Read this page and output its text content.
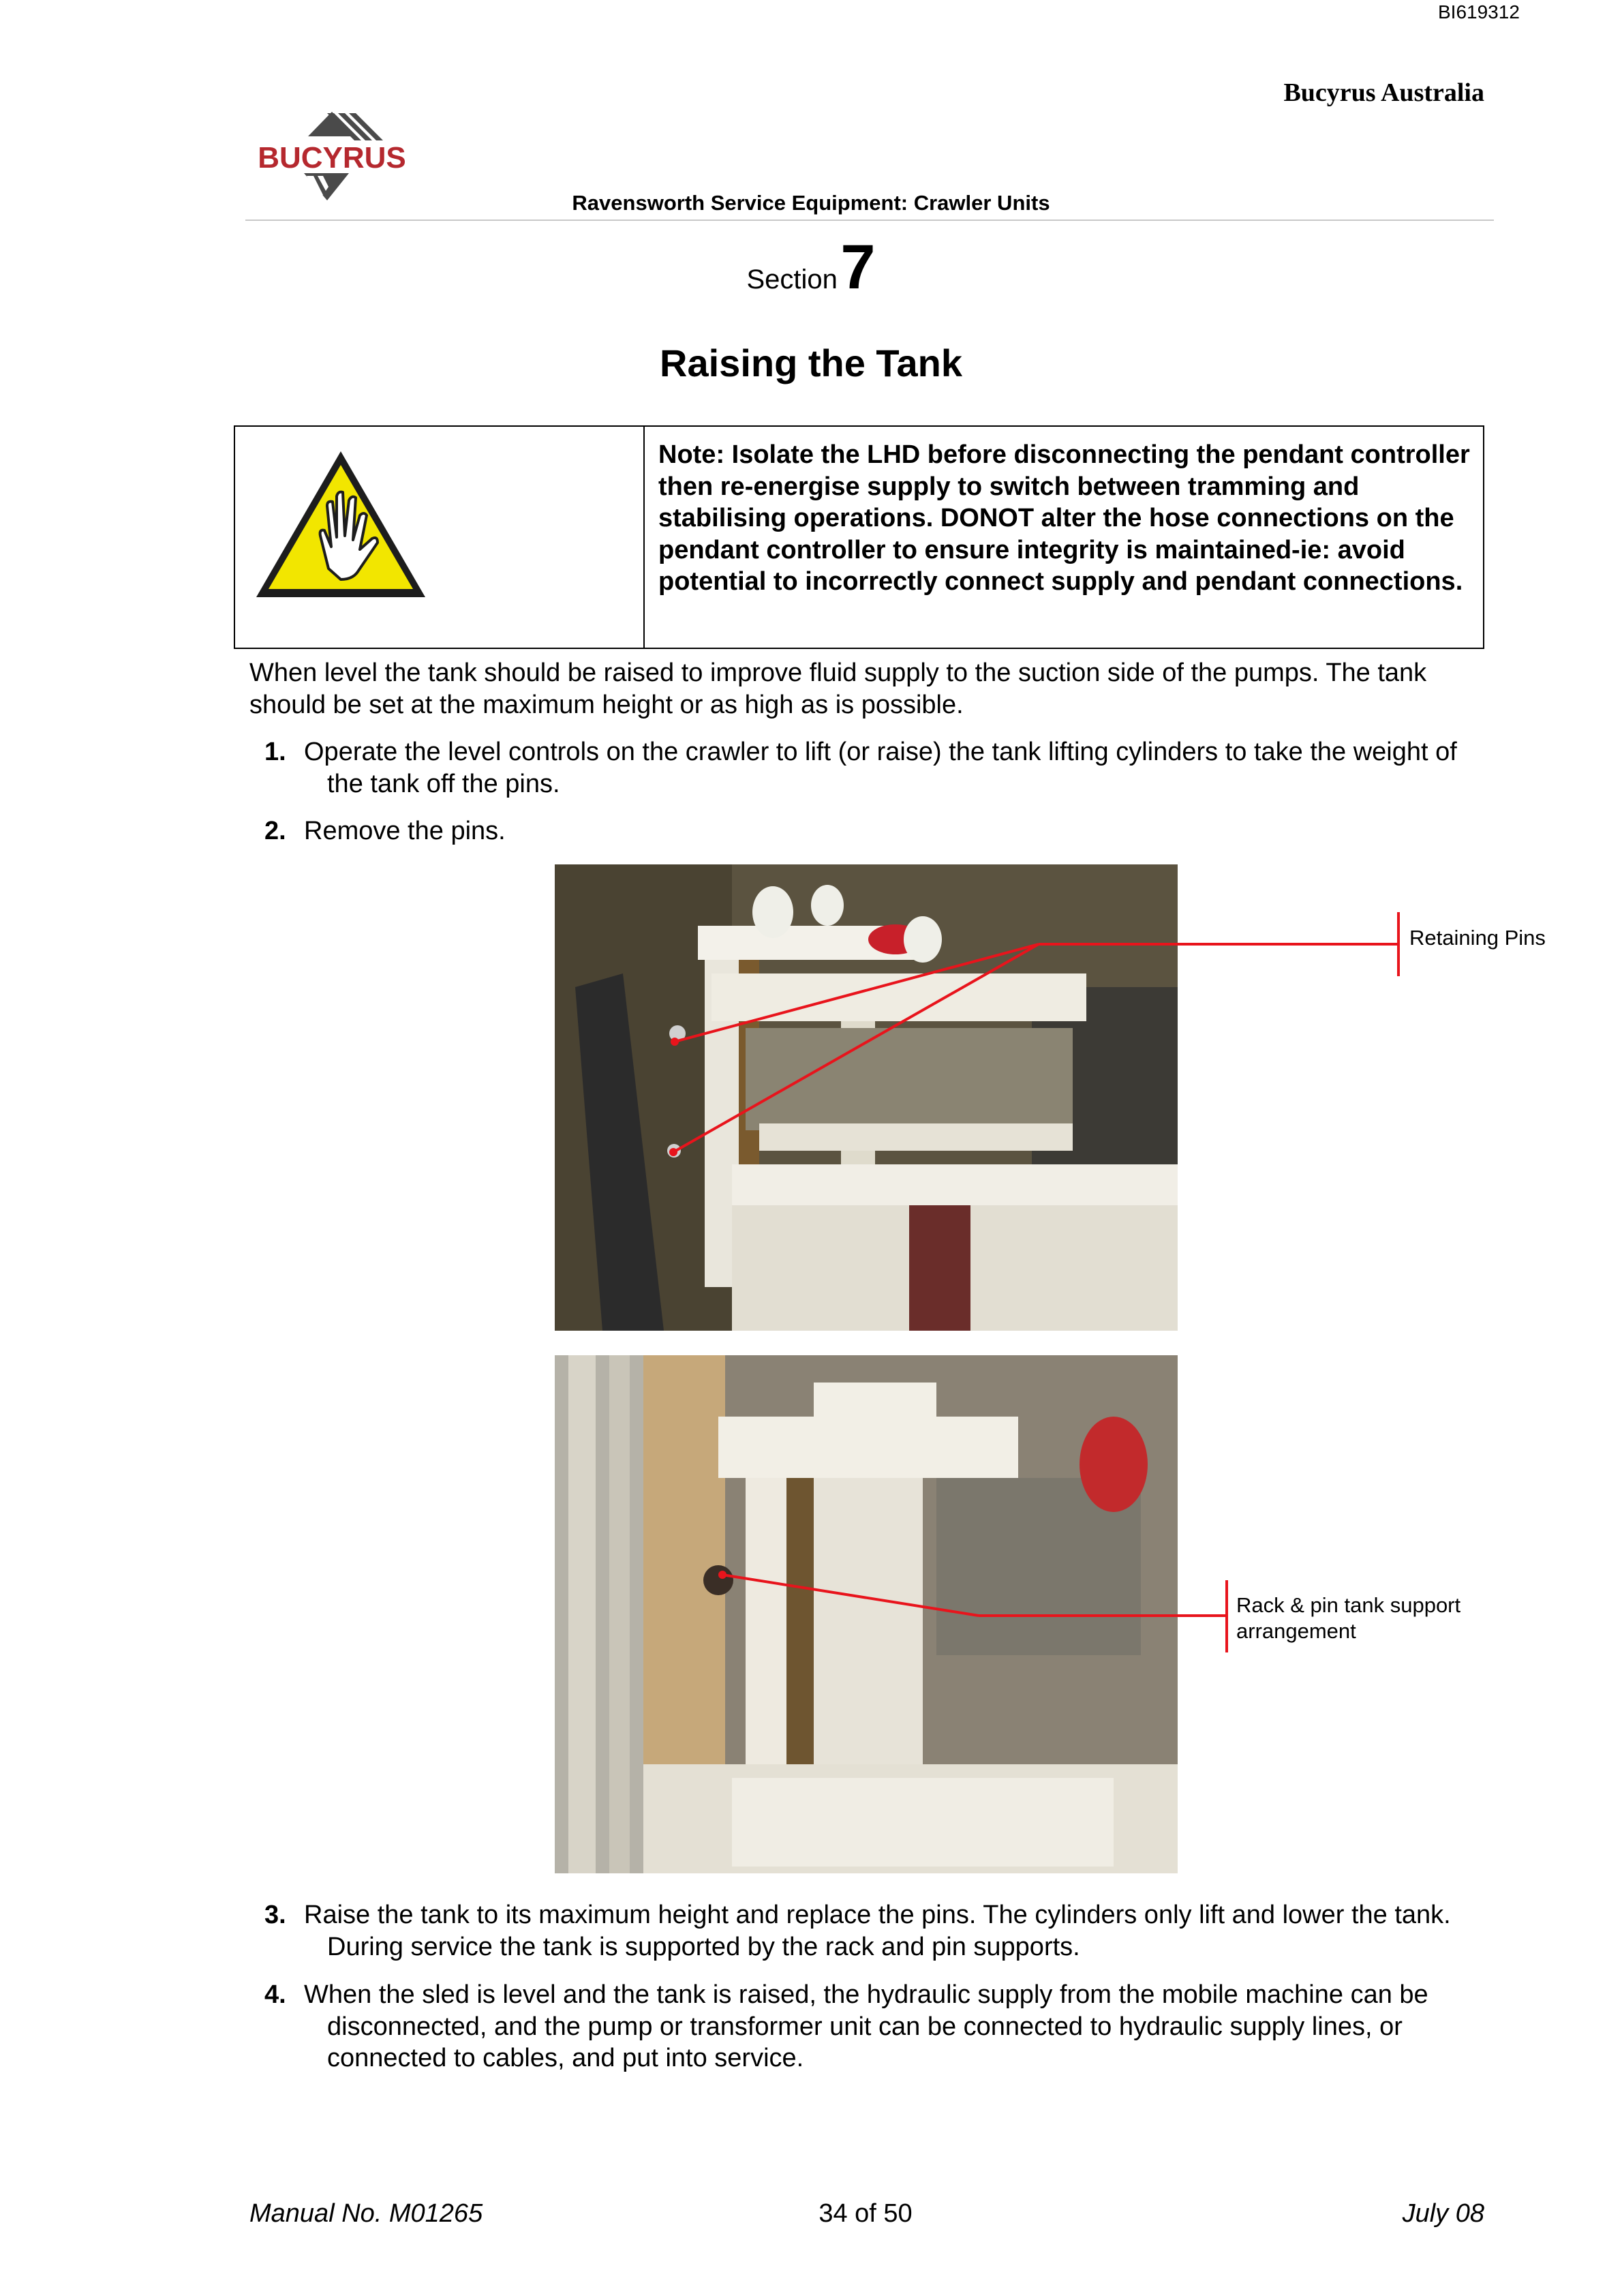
BI619312
Bucyrus Australia
BUCYRUS
Ravensworth Service Equipment: Crawler Units
Section 7
Raising the Tank
Note: Isolate the LHD before disconnecting the pendant controller then re-energise supply to switch between tramming and stabilising operations. DONOT alter the hose connections on the pendant controller to ensure integrity is maintained-ie: avoid potential to incorrectly connect supply and pendant connections.
When level the tank should be raised to improve fluid supply to the suction side of the pumps. The tank should be set at the maximum height or as high as is possible.
1. Operate the level controls on the crawler to lift (or raise) the tank lifting cylinders to take the weight of the tank off the pins.
2. Remove the pins.
Retaining Pins
Rack & pin tank support arrangement
3. Raise the tank to its maximum height and replace the pins. The cylinders only lift and lower the tank. During service the tank is supported by the rack and pin supports.
4. When the sled is level and the tank is raised, the hydraulic supply from the mobile machine can be disconnected, and the pump or transformer unit can be connected to hydraulic supply lines, or connected to cables, and put into service.
Manual No. M01265	34 of 50	July 08
